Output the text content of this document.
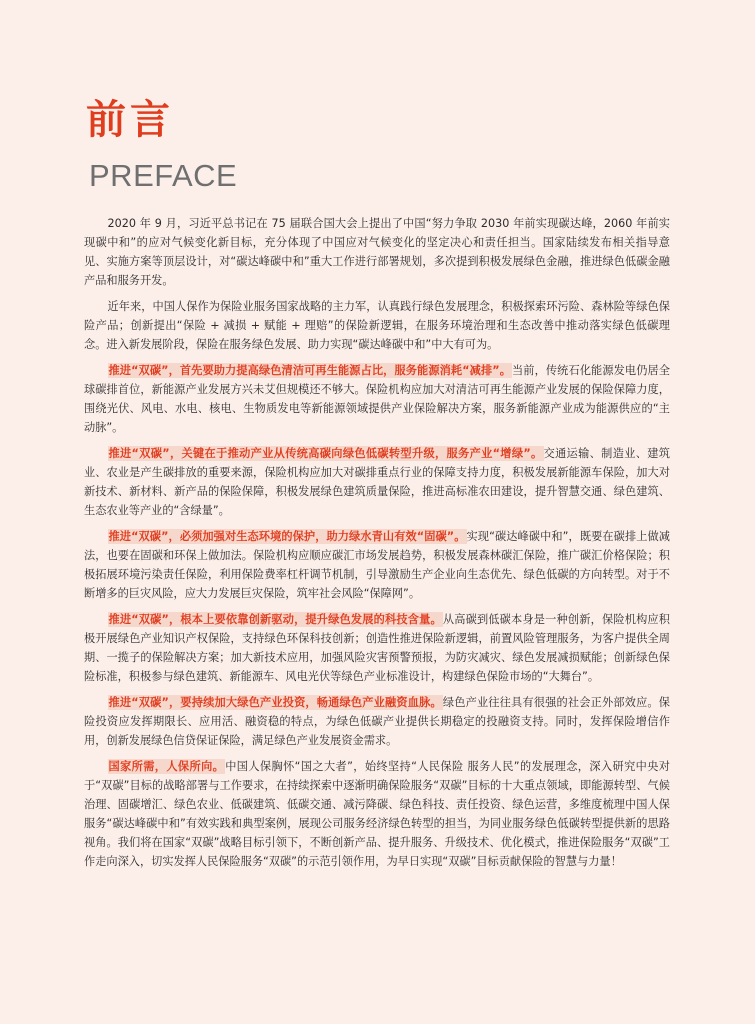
前言
PREFACE

2020 年 9 月，习近平总书记在 75 届联合国大会上提出了中国“努力争取 2030 年前实现碳达峰，2060 年前实现碳中和”的应对气候变化新目标，充分体现了中国应对气候变化的坚定决心和责任担当。国家陆续发布相关指导意见、实施方案等顶层设计，对“碳达峰碳中和”重大工作进行部署规划，多次提到积极发展绿色金融，推进绿色低碳金融产品和服务开发。

近年来，中国人保作为保险业服务国家战略的主力军，认真践行绿色发展理念，积极探索环污险、森林险等绿色保险产品；创新提出“保险 + 减损 + 赋能 + 理赔”的保险新逻辑，在服务环境治理和生态改善中推动落实绿色低碳理念。进入新发展阶段，保险在服务绿色发展、助力实现“碳达峰碳中和”中大有可为。

推进“双碳”，首先要助力提高绿色清洁可再生能源占比，服务能源消耗“减排”。当前，传统石化能源发电仍居全球碳排首位，新能源产业发展方兴未艾但规模还不够大。保险机构应加大对清洁可再生能源产业发展的保险保障力度，围绕光伏、风电、水电、核电、生物质发电等新能源领域提供产业保险解决方案，服务新能源产业成为能源供应的“主动脉”。

推进“双碳”，关键在于推动产业从传统高碳向绿色低碳转型升级，服务产业“增绿”。交通运输、制造业、建筑业、农业是产生碳排放的重要来源，保险机构应加大对碳排重点行业的保障支持力度，积极发展新能源车保险，加大对新技术、新材料、新产品的保险保障，积极发展绿色建筑质量保险，推进高标准农田建设，提升智慧交通、绿色建筑、生态农业等产业的“含绿量”。

推进“双碳”，必须加强对生态环境的保护，助力绿水青山有效“固碳”。实现“碳达峰碳中和”，既要在碳排上做减法，也要在固碳和环保上做加法。保险机构应顺应碳汇市场发展趋势，积极发展森林碳汇保险，推广碳汇价格保险；积极拓展环境污染责任保险，利用保险费率杠杆调节机制，引导激励生产企业向生态优先、绿色低碳的方向转型。对于不断增多的巨灾风险，应大力发展巨灾保险，筑牢社会风险“保障网”。

推进“双碳”，根本上要依靠创新驱动，提升绿色发展的科技含量。从高碳到低碳本身是一种创新，保险机构应积极开展绿色产业知识产权保险，支持绿色环保科技创新；创造性推进保险新逻辑，前置风险管理服务，为客户提供全周期、一揽子的保险解决方案；加大新技术应用，加强风险灾害预警预报，为防灾减灾、绿色发展减损赋能；创新绿色保险标准，积极参与绿色建筑、新能源车、风电光伏等绿色产业标准设计，构建绿色保险市场的“大舞台”。

推进“双碳”，要持续加大绿色产业投资，畅通绿色产业融资血脉。绿色产业往往具有很强的社会正外部效应。保险投资应发挥期限长、应用活、融资稳的特点，为绿色低碳产业提供长期稳定的投融资支持。同时，发挥保险增信作用，创新发展绿色信贷保证保险，满足绿色产业发展资金需求。

国家所需，人保所向。中国人保胸怀“国之大者”，始终坚持“人民保险 服务人民”的发展理念，深入研究中央对于“双碳”目标的战略部署与工作要求，在持续探索中逐渐明确保险服务“双碳”目标的十大重点领域，即能源转型、气候治理、固碳增汇、绿色农业、低碳建筑、低碳交通、减污降碳、绿色科技、责任投资、绿色运营，多维度梳理中国人保服务“碳达峰碳中和”有效实践和典型案例，展现公司服务经济绿色转型的担当，为同业服务绿色低碳转型提供新的思路视角。我们将在国家“双碳”战略目标引领下，不断创新产品、提升服务、升级技术、优化模式，推进保险服务“双碳”工作走向深入，切实发挥人民保险服务“双碳”的示范引领作用，为早日实现“双碳”目标贡献保险的智慧与力量！
